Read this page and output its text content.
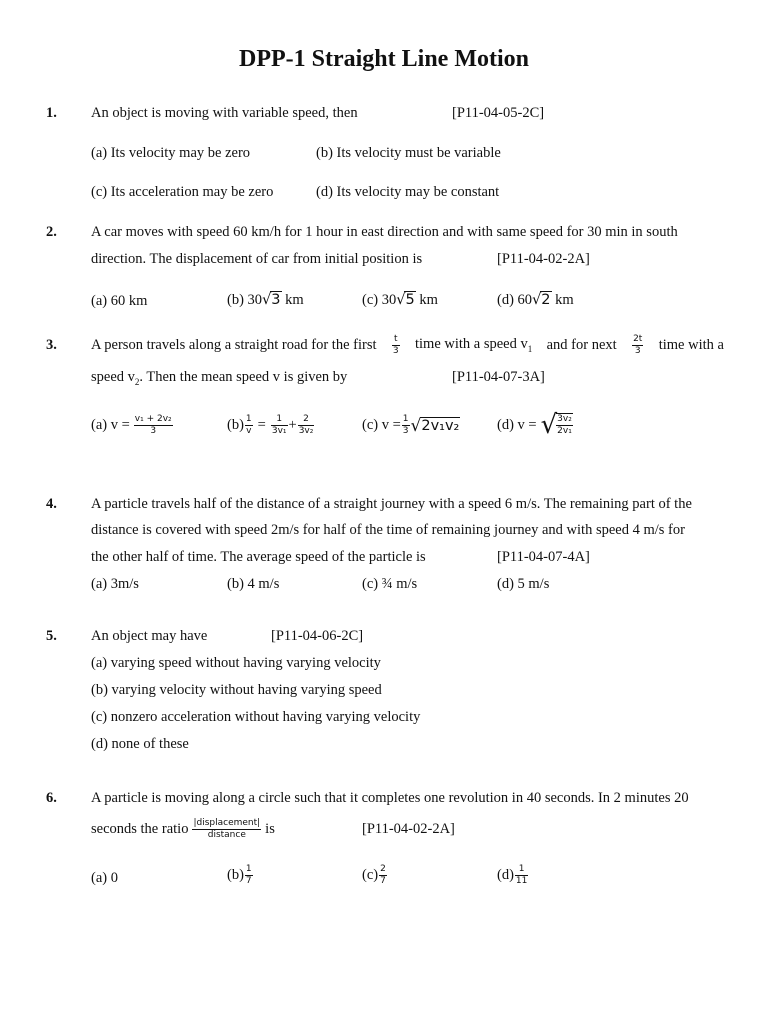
DPP-1 Straight Line Motion
1. An object is moving with variable speed, then	[P11-04-05-2C]
(a) Its velocity may be zero	(b) Its velocity must be variable
(c) Its acceleration may be zero	(d) Its velocity may be constant
2. A car moves with speed 60 km/h for 1 hour in east direction and with same speed for 30 min in south
direction. The displacement of car from initial position is	[P11-04-02-2A]
(a) 60 km	(b) 30√3 km	(c) 30√5 km	(d) 60√2 km
3. A person travels along a straight road for the first $\frac{t}{3}$ time with a speed $v_1$ and for next $\frac{2t}{3}$ time with a
speed $v_2$. Then the mean speed v is given by	[P11-04-07-3A]
(a) $v = \frac{\text{v₁ + 2v₂}}{3}$	$(b) \frac{1}{v} = \frac{1}{\text{3v₁}} + \frac{2}{\text{3v₂}}$	(c) $v = \frac{1}{3}$ √ 2v₁v₂	(d) v = √ $\frac{\text{3v₂}}{\text{2v₁}}$
4. A particle travels half of the distance of a straight journey with a speed 6 m/s. The remaining part of the
distance is covered with speed 2m/s for half of the time of remaining journey and with speed 4 m/s for
the other half of time. The average speed of the particle is	[P11-04-07-4A]
(a) 3m/s	(b) 4 m/s	(c) ¾ m/s	(d) 5 m/s
5. An object may have	[P11-04-06-2C]
(a) varying speed without having varying velocity
(b) varying velocity without having varying speed
(c) nonzero acceleration without having varying velocity
(d) none of these
6. A particle is moving along a circle such that it completes one revolution in 40 seconds. In 2 minutes 20
seconds the ratio $\frac{\text{|displacement|}}{\text{distance}}$ is	[P11-04-02-2A]
(a) 0	$(b) \frac{1}{7}$	$(c) \frac{2}{7}$	$(d) \frac{1}{11}$
